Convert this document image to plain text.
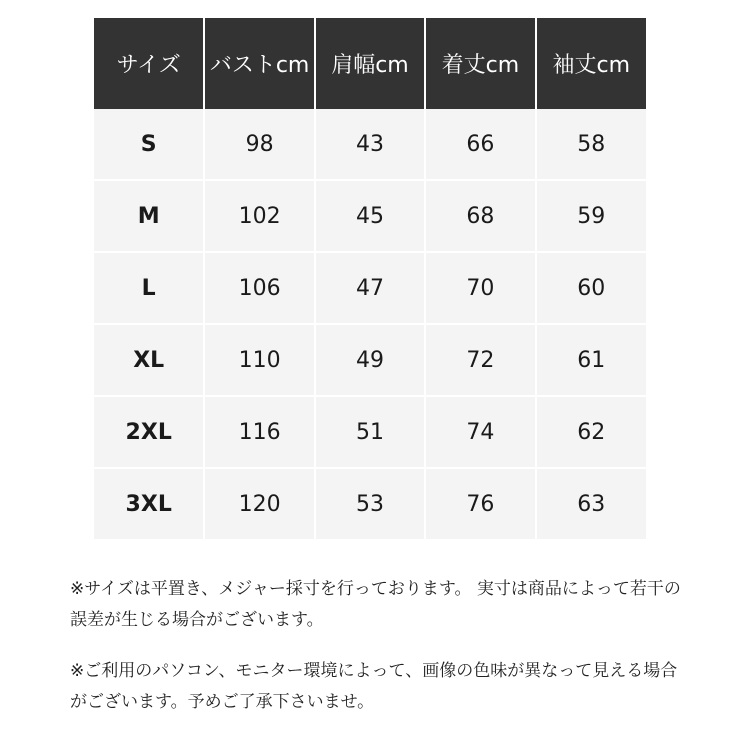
サイズ	バストcm	肩幅cm	着丈cm	袖丈cm
S	98	43	66	58
M	102	45	68	59
L	106	47	70	60
XL	110	49	72	61
2XL	116	51	74	62
3XL	120	53	76	63

※サイズは平置き、メジャー採寸を行っております。 実寸は商品によって若干の誤差が生じる場合がございます。

※ご利用のパソコン、モニター環境によって、画像の色味が異なって見える場合がございます。予めご了承下さいませ。
